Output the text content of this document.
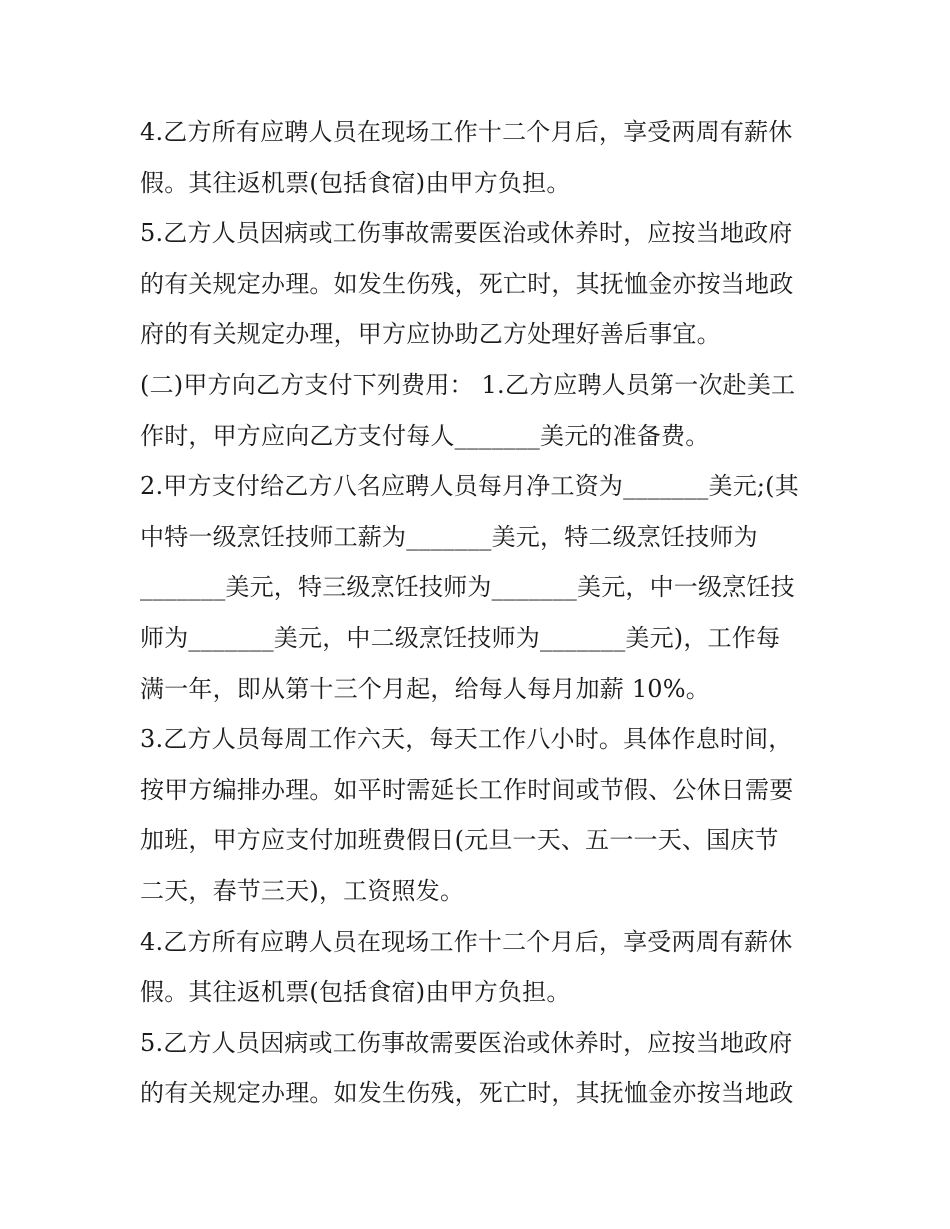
4.乙方所有应聘人员在现场工作十二个月后，享受两周有薪休
假。其往返机票(包括食宿)由甲方负担。
5.乙方人员因病或工伤事故需要医治或休养时，应按当地政府
的有关规定办理。如发生伤残，死亡时，其抚恤金亦按当地政
府的有关规定办理，甲方应协助乙方处理好善后事宜。
(二)甲方向乙方支付下列费用： 1.乙方应聘人员第一次赴美工
作时，甲方应向乙方支付每人_______美元的准备费。
2.甲方支付给乙方八名应聘人员每月净工资为_______美元;(其
中特一级烹饪技师工薪为_______美元，特二级烹饪技师为
_______美元，特三级烹饪技师为_______美元，中一级烹饪技
师为_______美元，中二级烹饪技师为_______美元)，工作每
满一年，即从第十三个月起，给每人每月加薪 10%。
3.乙方人员每周工作六天，每天工作八小时。具体作息时间，
按甲方编排办理。如平时需延长工作时间或节假、公休日需要
加班，甲方应支付加班费假日(元旦一天、五一一天、国庆节
二天，春节三天)，工资照发。
4.乙方所有应聘人员在现场工作十二个月后，享受两周有薪休
假。其往返机票(包括食宿)由甲方负担。
5.乙方人员因病或工伤事故需要医治或休养时，应按当地政府
的有关规定办理。如发生伤残，死亡时，其抚恤金亦按当地政
